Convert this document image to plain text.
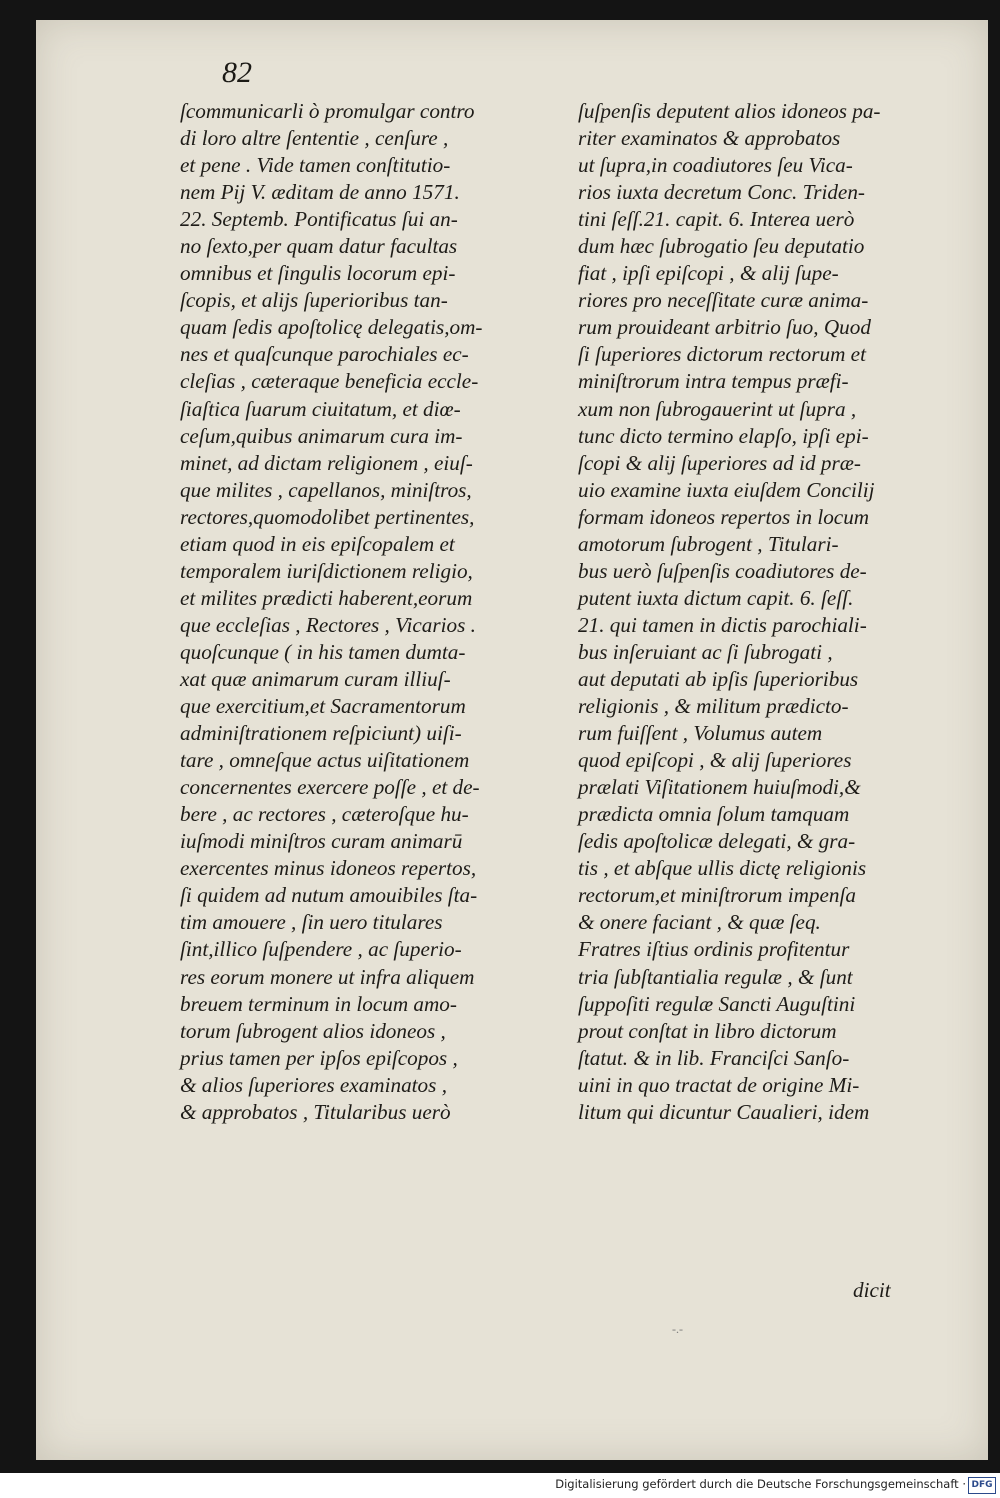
82
ſcommunicarli ò promulgar contro
di loro altre ſententie , cenſure ,
et pene . Vide tamen conſtitutio-
nem Pij V. æditam de anno 1571.
22. Septemb. Pontificatus ſui an-
no ſexto,per quam datur facultas
omnibus et ſingulis locorum epi-
ſcopis, et alijs ſuperioribus tan-
quam ſedis apoſtolicę delegatis,om-
nes et quaſcunque parochiales ec-
cleſias , cæteraque beneficia eccle-
ſiaſtica ſuarum ciuitatum, et diœ-
ceſum,quibus animarum cura im-
minet, ad dictam religionem , eiuſ-
que milites , capellanos, miniſtros,
rectores,quomodolibet pertinentes,
etiam quod in eis epiſcopalem et
temporalem iuriſdictionem religio,
et milites prædicti haberent,eorum
que eccleſias , Rectores , Vicarios .
quoſcunque ( in his tamen dumta-
xat quæ animarum curam illiuſ-
que exercitium,et Sacramentorum
adminiſtrationem reſpiciunt) uiſi-
tare , omneſque actus uiſitationem
concernentes exercere poſſe , et de-
bere , ac rectores , cæteroſque hu-
iuſmodi miniſtros curam animarū
exercentes minus idoneos repertos,
ſi quidem ad nutum amouibiles ſta-
tim amouere , ſin uero titulares
ſint,illico ſuſpendere , ac ſuperio-
res eorum monere ut infra aliquem
breuem terminum in locum amo-
torum ſubrogent alios idoneos ,
prius tamen per ipſos epiſcopos ,
& alios ſuperiores examinatos ,
& approbatos , Titularibus uerò
ſuſpenſis deputent alios idoneos pa-
riter examinatos & approbatos
ut ſupra,in coadiutores ſeu Vica-
rios iuxta decretum Conc. Triden-
tini ſeſſ.21. capit. 6. Interea uerò
dum hæc ſubrogatio ſeu deputatio
fiat , ipſi epiſcopi , & alij ſupe-
riores pro neceſſitate curæ anima-
rum prouideant arbitrio ſuo, Quod
ſi ſuperiores dictorum rectorum et
miniſtrorum intra tempus præfi-
xum non ſubrogauerint ut ſupra ,
tunc dicto termino elapſo, ipſi epi-
ſcopi & alij ſuperiores ad id præ-
uio examine iuxta eiuſdem Concilij
formam idoneos repertos in locum
amotorum ſubrogent , Titulari-
bus uerò ſuſpenſis coadiutores de-
putent iuxta dictum capit. 6. ſeſſ.
21. qui tamen in dictis parochiali-
bus inſeruiant ac ſi ſubrogati ,
aut deputati ab ipſis ſuperioribus
religionis , & militum prædicto-
rum fuiſſent , Volumus autem
quod epiſcopi , & alij ſuperiores
prælati Viſitationem huiuſmodi,&
prædicta omnia ſolum tamquam
ſedis apoſtolicæ delegati, & gra-
tis , et abſque ullis dictę religionis
rectorum,et miniſtrorum impenſa
& onere faciant , & quæ ſeq.
Fratres iſtius ordinis profitentur
tria ſubſtantialia regulæ , & ſunt
ſuppoſiti regulæ Sancti Auguſtini
prout conſtat in libro dictorum
ſtatut. & in lib. Franciſci Sanſo-
uini in quo tractat de origine Mi-
litum qui dicuntur Caualieri, idem
dicit
-.-
Digitalisierung gefördert durch die Deutsche Forschungsgemeinschaft · DFG
